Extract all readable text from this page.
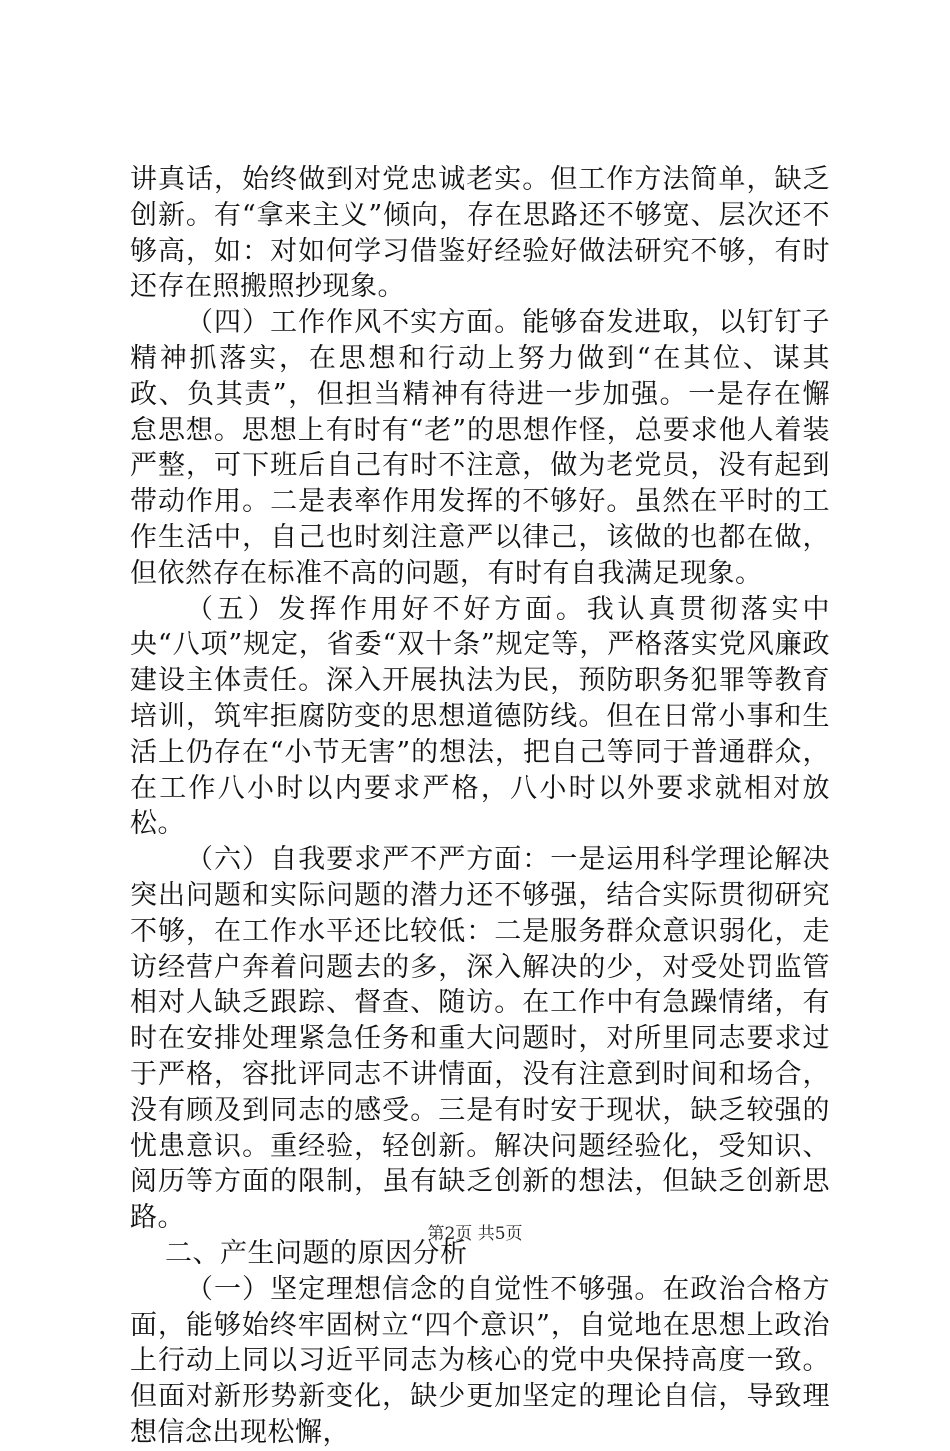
讲真话，始终做到对党忠诚老实。但工作方法简单，缺乏创新。有“拿来主义”倾向，存在思路还不够宽、层次还不够高，如：对如何学习借鉴好经验好做法研究不够，有时还存在照搬照抄现象。

（四）工作作风不实方面。能够奋发进取，以钉钉子精神抓落实，在思想和行动上努力做到“在其位、谋其政、负其责”，但担当精神有待进一步加强。一是存在懈怠思想。思想上有时有“老”的思想作怪，总要求他人着装严整，可下班后自己有时不注意，做为老党员，没有起到带动作用。二是表率作用发挥的不够好。虽然在平时的工作生活中，自己也时刻注意严以律己，该做的也都在做，但依然存在标准不高的问题，有时有自我满足现象。

（五）发挥作用好不好方面。我认真贯彻落实中央“八项”规定，省委“双十条”规定等，严格落实党风廉政建设主体责任。深入开展执法为民，预防职务犯罪等教育培训，筑牢拒腐防变的思想道德防线。但在日常小事和生活上仍存在“小节无害”的想法，把自己等同于普通群众，在工作八小时以内要求严格，八小时以外要求就相对放松。

（六）自我要求严不严方面：一是运用科学理论解决突出问题和实际问题的潜力还不够强，结合实际贯彻研究不够，在工作水平还比较低：二是服务群众意识弱化，走访经营户奔着问题去的多，深入解决的少，对受处罚监管相对人缺乏跟踪、督查、随访。在工作中有急躁情绪，有时在安排处理紧急任务和重大问题时，对所里同志要求过于严格，容批评同志不讲情面，没有注意到时间和场合，没有顾及到同志的感受。三是有时安于现状，缺乏较强的忧患意识。重经验，轻创新。解决问题经验化，受知识、阅历等方面的限制，虽有缺乏创新的想法，但缺乏创新思路。

二、产生问题的原因分析

（一）坚定理想信念的自觉性不够强。在政治合格方面，能够始终牢固树立“四个意识”，自觉地在思想上政治上行动上同以习近平同志为核心的党中央保持高度一致。但面对新形势新变化，缺少更加坚定的理论自信，导致理想信念出现松懈，

第2页 共5页
